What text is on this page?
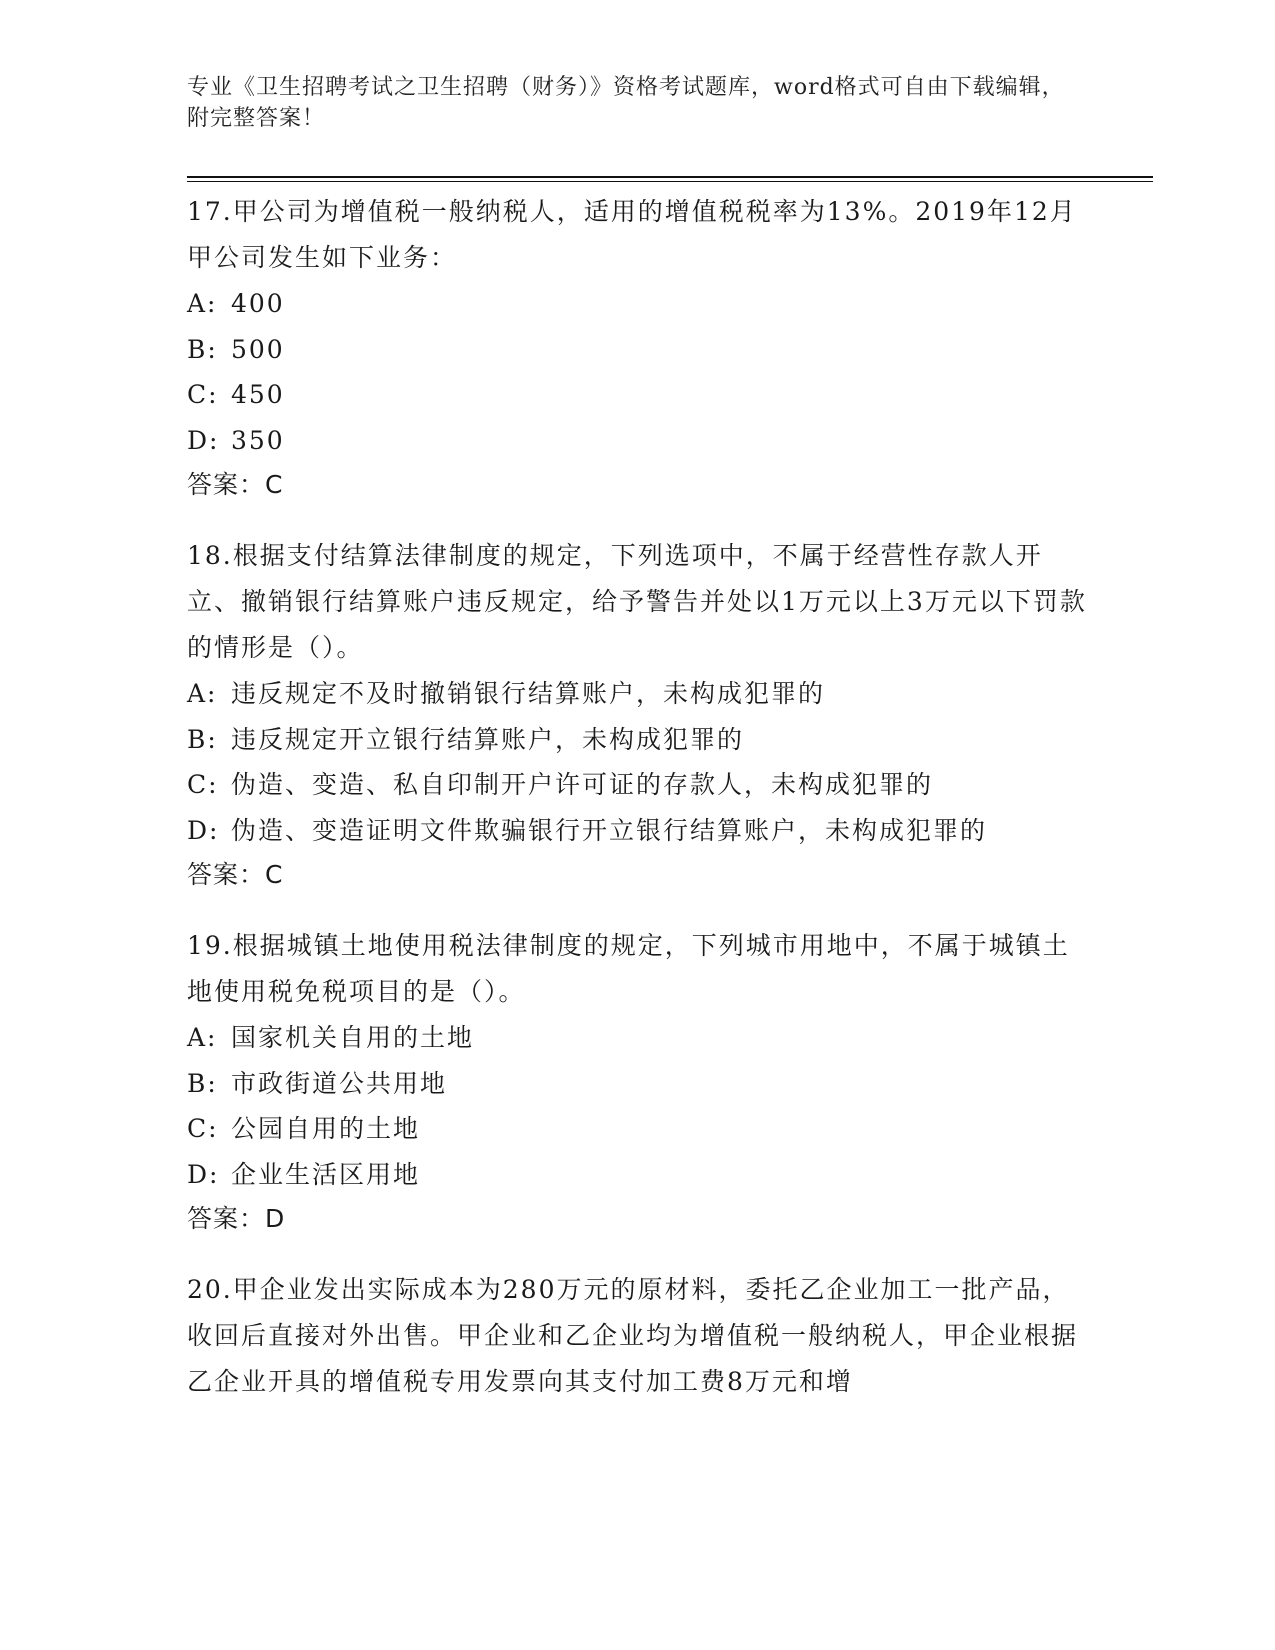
专业《卫生招聘考试之卫生招聘（财务）》资格考试题库，word格式可自由下载编辑，附完整答案！

17.甲公司为增值税一般纳税人，适用的增值税税率为13%。2019年12月甲公司发生如下业务：

A: 400

B: 500

C: 450

D: 350

答案：C

18.根据支付结算法律制度的规定，下列选项中，不属于经营性存款人开立、撤销银行结算账户违反规定，给予警告并处以1万元以上3万元以下罚款的情形是（）。

A: 违反规定不及时撤销银行结算账户，未构成犯罪的

B: 违反规定开立银行结算账户，未构成犯罪的

C: 伪造、变造、私自印制开户许可证的存款人，未构成犯罪的

D: 伪造、变造证明文件欺骗银行开立银行结算账户，未构成犯罪的

答案：C

19.根据城镇土地使用税法律制度的规定，下列城市用地中，不属于城镇土地使用税免税项目的是（）。

A: 国家机关自用的土地

B: 市政街道公共用地

C: 公园自用的土地

D: 企业生活区用地

答案：D

20.甲企业发出实际成本为280万元的原材料，委托乙企业加工一批产品，收回后直接对外出售。甲企业和乙企业均为增值税一般纳税人，甲企业根据乙企业开具的增值税专用发票向其支付加工费8万元和增
